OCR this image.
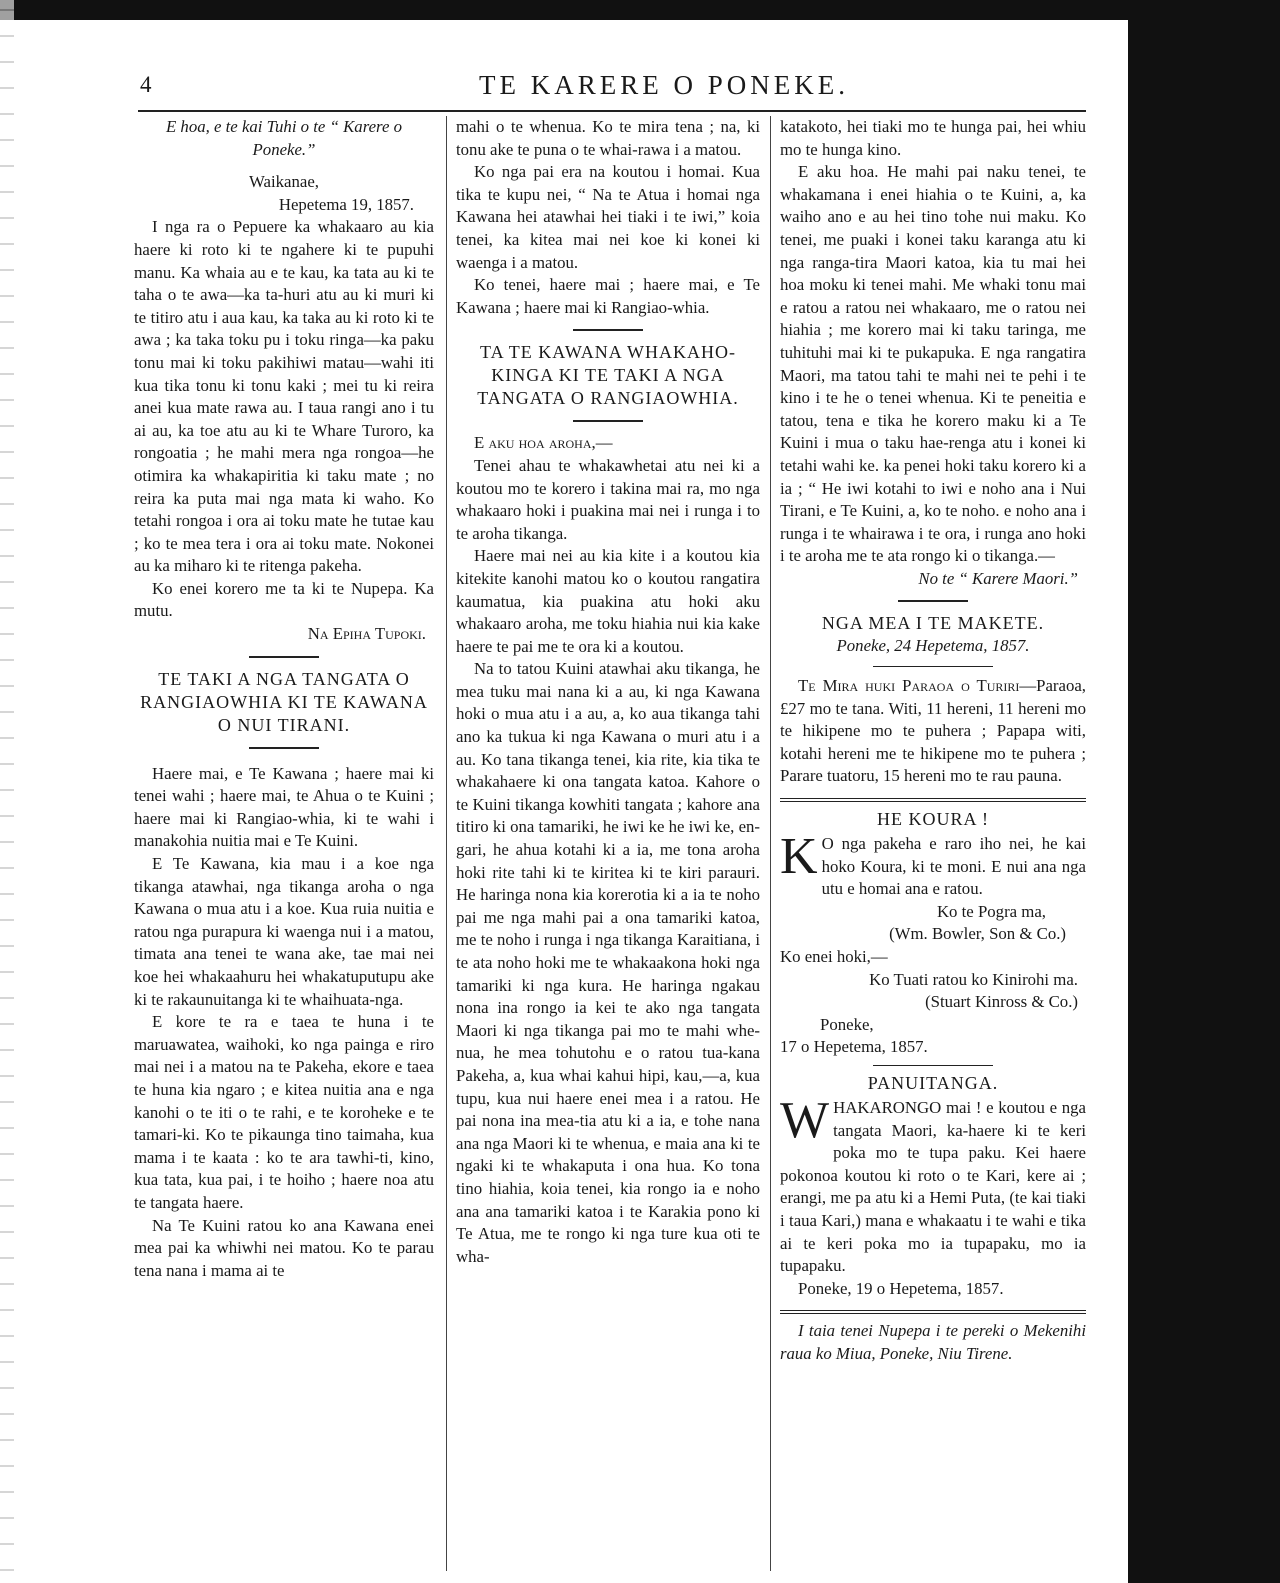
4	TE KARERE O PONEKE.
E hoa, e te kai Tuhi o te “ Karere o Poneke.”
Waikanae,
Hepetema 19, 1857.

I nga ra o Pepuere ka whakaaro au kia haere ki roto ki te ngahere ki te pupuhi manu. Ka whaia au e te kau, ka tata au ki te taha o te awa—ka ta-huri atu au ki muri ki te titiro atu i aua kau, ka taka au ki roto ki te awa ; ka taka toku pu i toku ringa—ka paku tonu mai ki toku pakihiwi matau—wahi iti kua tika tonu ki tonu kaki ; mei tu ki reira anei kua mate rawa au. I taua rangi ano i tu ai au, ka toe atu au ki te Whare Turoro, ka rongoatia ; he mahi mera nga rongoa—he otimira ka whakapiritia ki taku mate ; no reira ka puta mai nga mata ki waho. Ko tetahi rongoa i ora ai toku mate he tutae kau ; ko te mea tera i ora ai toku mate. Nokonei au ka miharo ki te ritenga pakeha.

Ko enei korero me ta ki te Nupepa. Ka mutu.

Na Epiha Tupoki.
TE TAKI A NGA TANGATA O RANGIAOWHIA KI TE KAWANA O NUI TIRANI.

Haere mai, e Te Kawana ; haere mai ki tenei wahi ; haere mai, te Ahua o te Kuini ; haere mai ki Rangiao-whia, ki te wahi i manakohia nuitia mai e Te Kuini.

E Te Kawana, kia mau i a koe nga tikanga atawhai, nga tikanga aroha o nga Kawana o mua atu i a koe. Kua ruia nuitia e ratou nga purapura ki waenga nui i a matou, timata ana tenei te wana ake, tae mai nei koe hei whakaahuru hei whakatuputupu ake ki te rakaunuitanga ki te whaihuata-nga.

E kore te ra e taea te huna i te maruawatea, waihoki, ko nga painga e riro mai nei i a matou na te Pakeha, ekore e taea te huna kia ngaro ; e kitea nuitia ana e nga kanohi o te iti o te rahi, e te koroheke e te tamari-ki. Ko te pikaunga tino taimaha, kua mama i te kaata : ko te ara tawhi-ti, kino, kua tata, kua pai, i te hoiho ; haere noa atu te tangata haere.

Na Te Kuini ratou ko ana Kawana enei mea pai ka whiwhi nei matou. Ko te parau tena nana i mama ai te

mahi o te whenua. Ko te mira tena ; na, ki tonu ake te puna o te whai-rawa i a matou.

Ko nga pai era na koutou i homai. Kua tika te kupu nei, “ Na te Atua i homai nga Kawana hei atawhai hei tiaki i te iwi,” koia tenei, ka kitea mai nei koe ki konei ki waenga i a matou.

Ko tenei, haere mai ; haere mai, e Te Kawana ; haere mai ki Rangiao-whia.

TA TE KAWANA WHAKAHO-KINGA KI TE TAKI A NGA TANGATA O RANGIAOWHIA.

E aku hoa aroha,—

Tenei ahau te whakawhetai atu nei ki a koutou mo te korero i takina mai ra, mo nga whakaaro hoki i puakina mai nei i runga i to te aroha tikanga.

Haere mai nei au kia kite i a koutou kia kitekite kanohi matou ko o koutou rangatira kaumatua, kia puakina atu hoki aku whakaaro aroha, me toku hiahia nui kia kake haere te pai me te ora ki a koutou.

Na to tatou Kuini atawhai aku tikanga, he mea tuku mai nana ki a au, ki nga Kawana hoki o mua atu i a au, a, ko aua tikanga tahi ano ka tukua ki nga Kawana o muri atu i a au. Ko tana tikanga tenei, kia rite, kia tika te whakahaere ki ona tangata katoa. Kahore o te Kuini tikanga kowhiti tangata ; kahore ana titiro ki ona tamariki, he iwi ke he iwi ke, en-gari, he ahua kotahi ki a ia, me tona aroha hoki rite tahi ki te kiritea ki te kiri parauri. He haringa nona kia korerotia ki a ia te noho pai me nga mahi pai a ona tamariki katoa, me te noho i runga i nga tikanga Karaitiana, i te ata noho hoki me te whakaakona hoki nga tamariki ki nga kura. He haringa ngakau nona ina rongo ia kei te ako nga tangata Maori ki nga tikanga pai mo te mahi whe-nua, he mea tohutohu e o ratou tua-kana Pakeha, a, kua whai kahui hipi, kau,—a, kua tupu, kua nui haere enei mea i a ratou. He pai nona ina mea-tia atu ki a ia, e tohe nana ana nga Maori ki te whenua, e maia ana ki te ngaki ki te whakaputa i ona hua. Ko tona tino hiahia, koia tenei, kia rongo ia e noho ana ana tamariki katoa i te Karakia pono ki Te Atua, me te rongo ki nga ture kua oti te wha-

katakoto, hei tiaki mo te hunga pai, hei whiu mo te hunga kino.

E aku hoa. He mahi pai naku tenei, te whakamana i enei hiahia o te Kuini, a, ka waiho ano e au hei tino tohe nui maku. Ko tenei, me puaki i konei taku karanga atu ki nga ranga-tira Maori katoa, kia tu mai hei hoa moku ki tenei mahi. Me whaki tonu mai e ratou a ratou nei whakaaro, me o ratou nei hiahia ; me korero mai ki taku taringa, me tuhituhi mai ki te pukapuka. E nga rangatira Maori, ma tatou tahi te mahi nei te pehi i te kino i te he o tenei whenua. Ki te peneitia e tatou, tena e tika he korero maku ki a Te Kuini i mua o taku hae-renga atu i konei ki tetahi wahi ke. ka penei hoki taku korero ki a ia ; “ He iwi kotahi to iwi e noho ana i Nui Tirani, e Te Kuini, a, ko te noho. e noho ana i runga i te whairawa i te ora, i runga ano hoki i te aroha me te ata rongo ki o tikanga.—

No te “ Karere Maori.”
NGA MEA I TE MAKETE.
Poneke, 24 Hepetema, 1857.

Te Mira huki Paraoa o Turiri—Paraoa, £27 mo te tana. Witi, 11 hereni, 11 hereni mo te hikipene mo te puhera ; Papapa witi, kotahi hereni me te hikipene mo te puhera ; Parare tuatoru, 15 hereni mo te rau pauna.

HE KOURA !

K O nga pakeha e raro iho nei, he kai hoko Koura, ki te moni. E nui ana nga utu e homai ana e ratou.

Ko te Pogra ma,
(Wm. Bowler, Son & Co.)
Ko enei hoki,—
Ko Tuati ratou ko Kinirohi ma.
(Stuart Kinross & Co.)
Poneke,
17 o Hepetema, 1857.
PANUITANGA.

WHAKARONGO mai ! e koutou e nga tangata Maori, ka-haere ki te keri poka mo te tupa paku. Kei haere pokonoa koutou ki roto o te Kari, kere ai ; erangi, me pa atu ki a Hemi Puta, (te kai tiaki i taua Kari,) mana e whakaatu i te wahi e tika ai te keri poka mo ia tupapaku, mo ia tupapaku.

Poneke, 19 o Hepetema, 1857.

I taia tenei Nupepa i te pereki o Mekenihi raua ko Miua, Poneke, Niu Tirene.
